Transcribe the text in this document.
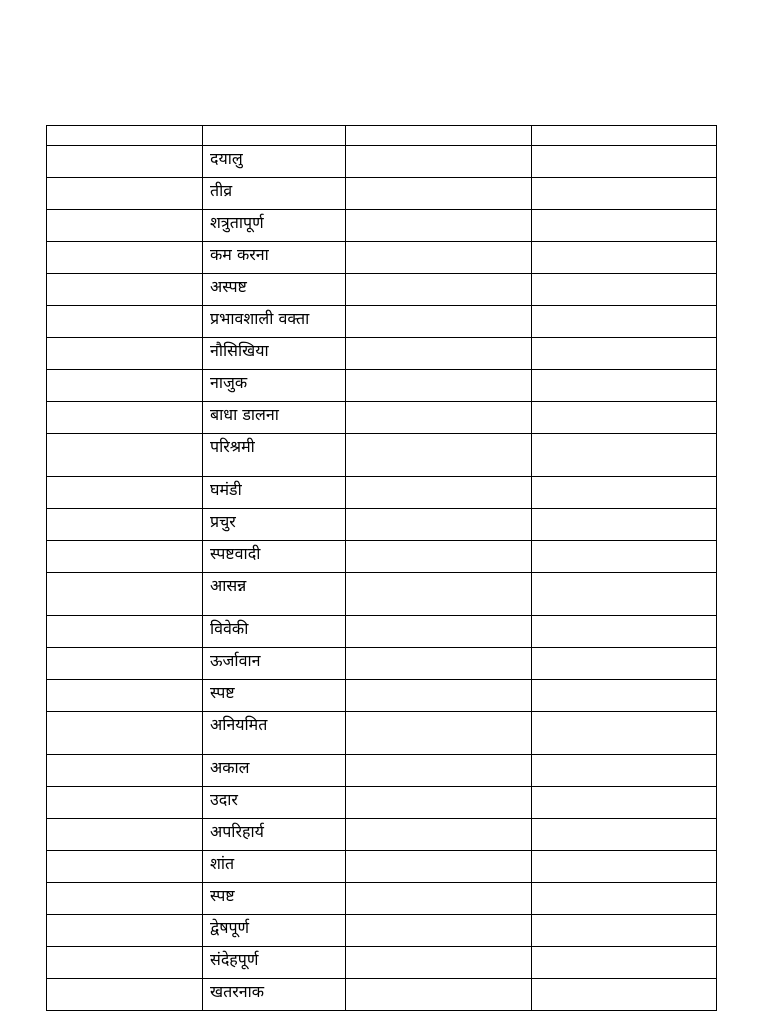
	दयालु		
	तीव्र		
	शत्रुतापूर्ण		
	कम करना		
	अस्पष्ट		
	प्रभावशाली वक्ता		
	नौसिखिया		
	नाजुक		
	बाधा डालना		
	परिश्रमी		
	घमंडी		
	प्रचुर		
	स्पष्टवादी		
	आसन्न		
	विवेकी		
	ऊर्जावान		
	स्पष्ट		
	अनियमित		
	अकाल		
	उदार		
	अपरिहार्य		
	शांत		
	स्पष्ट		
	द्वेषपूर्ण		
	संदेहपूर्ण		
	खतरनाक		
